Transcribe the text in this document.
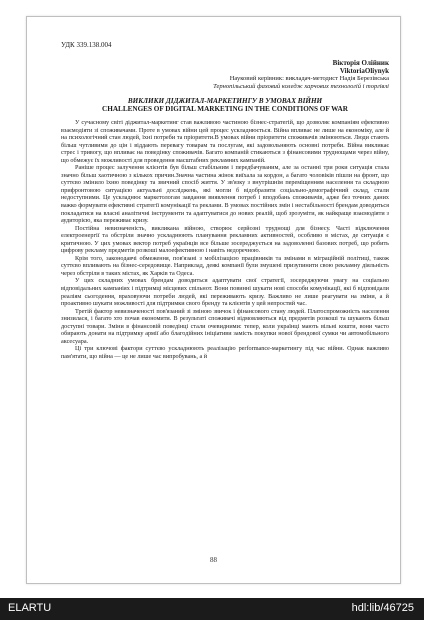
УДК 339.138.004
Вікторія Олійник
ViktoriaOliynyk
Науковий керівник: викладач-методист Надія Березівська
Тернопільський фаховий коледж харчових технологій і торгівлі
ВИКЛИКИ ДІДЖИТАЛ-МАРКЕТИНГУ В УМОВАХ ВІЙНИ
CHALLENGES OF DIGITAL MARKETING IN THE CONDITIONS OF WAR

У сучасному світі діджитал-маркетинг став важливою частиною бізнес-стратегій, що дозволяє компаніям ефективно взаємодіяти зі споживачами. Проте в умовах війни цей процес ускладнюється. Війна впливає не лише на економіку, але й на психологічний стан людей, їхні потреби та пріоритети.В умовах війни пріоритети споживачів змінюються. Люди стають більш чутливими до цін і віддають перевагу товарам та послугам, які задовольняють основні потреби. Війна викликає стрес і тривогу, що впливає на поведінку споживачів. Багато компаній стикаються з фінансовими труднощами через війну, що обмежує їх можливості для проведення масштабних рекламних кампаній.

Раніше процес залучення клієнтів був більш стабільним і передбачуваним, але за останні три роки ситуація стала значно більш хаотичною з кількох причин.Значна частина жінок виїхала за кордон, а багато чоловіків пішли на фронт, що суттєво змінило їхню поведінку та звичний спосіб життя. У зв'язку з внутрішнім переміщенням населення та складною прифронтовою ситуацією актуальні досліджень, які могли б відобразити соціально-демографічний склад, стали недоступними. Це ускладнює маркетологам завдання виявлення потреб і вподобань споживачів, адже без точних даних важко формувати ефективні стратегії комунікації та реклами. В умовах постійних змін і нестабільності брендам доводиться покладатися на власні аналітичні інструменти та адаптуватися до нових реалій, щоб зрозуміти, як найкраще взаємодіяти з аудиторією, яка переживає кризу.

Постійна невизначеність, викликана війною, створює серйозні труднощі для бізнесу. Часті відключення електроенергії та обстріли значно ускладнюють планування рекламних активностей, особливо в містах, де ситуація є критичною. У цих умовах вектор потреб українців все більше зосереджується на задоволенні базових потреб, що робить цифрову рекламу предметів розкоші малоефективною і навіть недоречною.

Крім того, законодавчі обмеження, пов'язані з мобілізацією працівників та змінами в міграційній політиці, також суттєво впливають на бізнес-середовище. Наприклад, деякі компанії були змушені призупинити свою рекламну діяльність через обстріли в таких містах, як Харків та Одеса.

У цих складних умовах брендам доводиться адаптувати свої стратегії, зосереджуючи увагу на соціально відповідальних кампаніях і підтримці місцевих спільнот. Вони повинні шукати нові способи комунікації, які б відповідали реаліям сьогодення, враховуючи потреби людей, які переживають кризу. Важливо не лише реагувати на зміни, а й проактивно шукати можливості для підтримки свого бренду та клієнтів у цей непростий час.

Третій фактор невизначеності пов'язаний зі зміною звичок і фінансового стану людей. Платоспроможність населення знизилася, і багато хто почав економити. В результаті споживачі відмовляються від предметів розкоші та шукають більш доступні товари. Зміни в фінансовій поведінці стали очевидними: тепер, коли українці мають вільні кошти, вони часто обирають донати на підтримку армії або благодійних ініціативи замість покупки нової брендової сумки чи автомобільного аксесуара.

Ці три ключові фактори суттєво ускладнюють реалізацію performance-маркетингу під час війни. Однак важливо пам'ятати, що війна — це не лише час випробувань, а й

88
ELARTU	hdl:lib/46725
